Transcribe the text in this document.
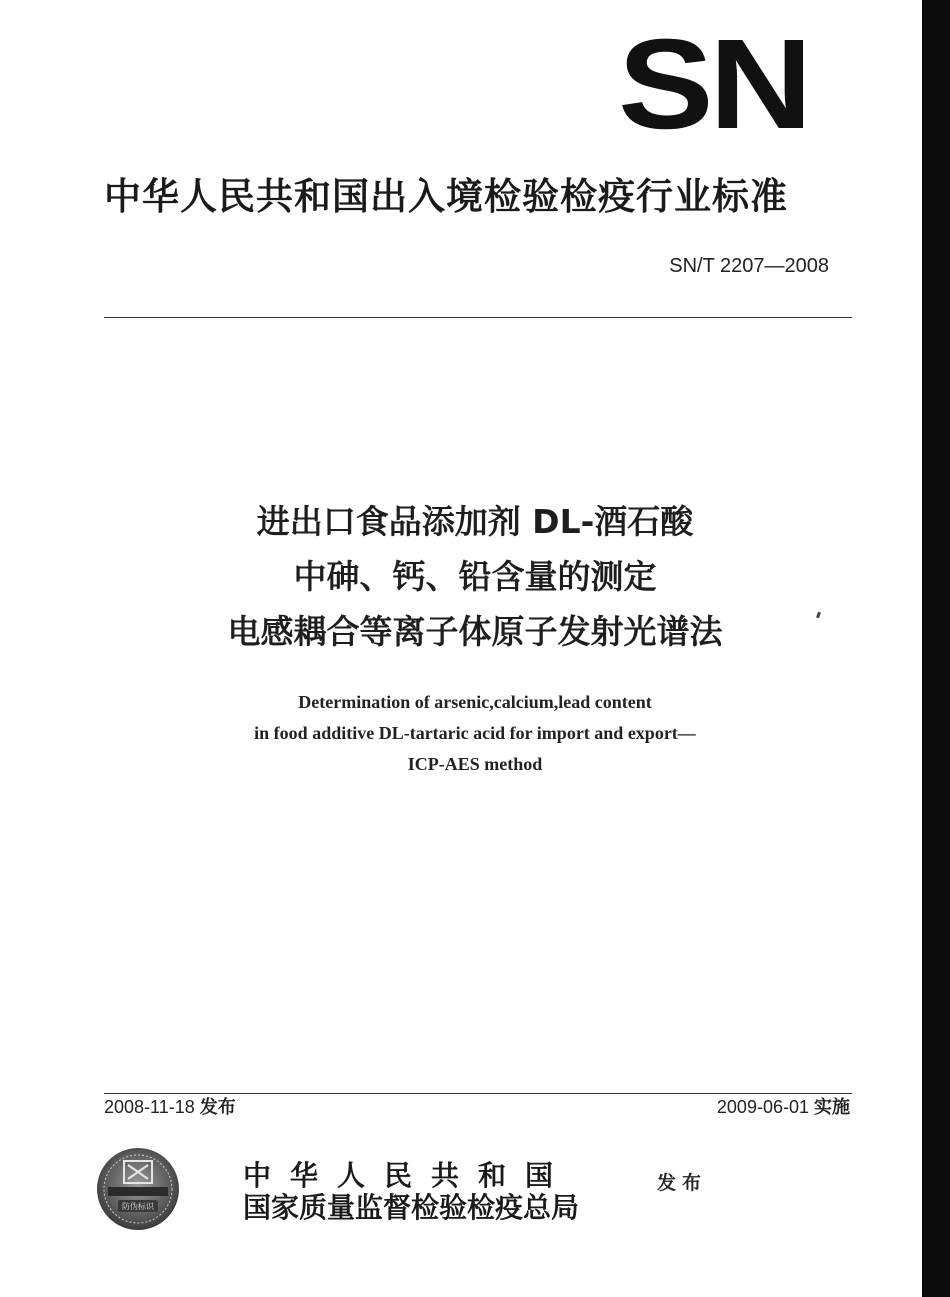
SN
中华人民共和国出入境检验检疫行业标准
SN/T 2207—2008
进出口食品添加剂 DL-酒石酸
中砷、钙、铅含量的测定
电感耦合等离子体原子发射光谱法
Determination of arsenic,calcium,lead content
in food additive DL-tartaric acid for import and export—
ICP-AES method
2008-11-18 发布	2009-06-01 实施
防伪标识
中华人民共和国
国家质量监督检验检疫总局
发布
